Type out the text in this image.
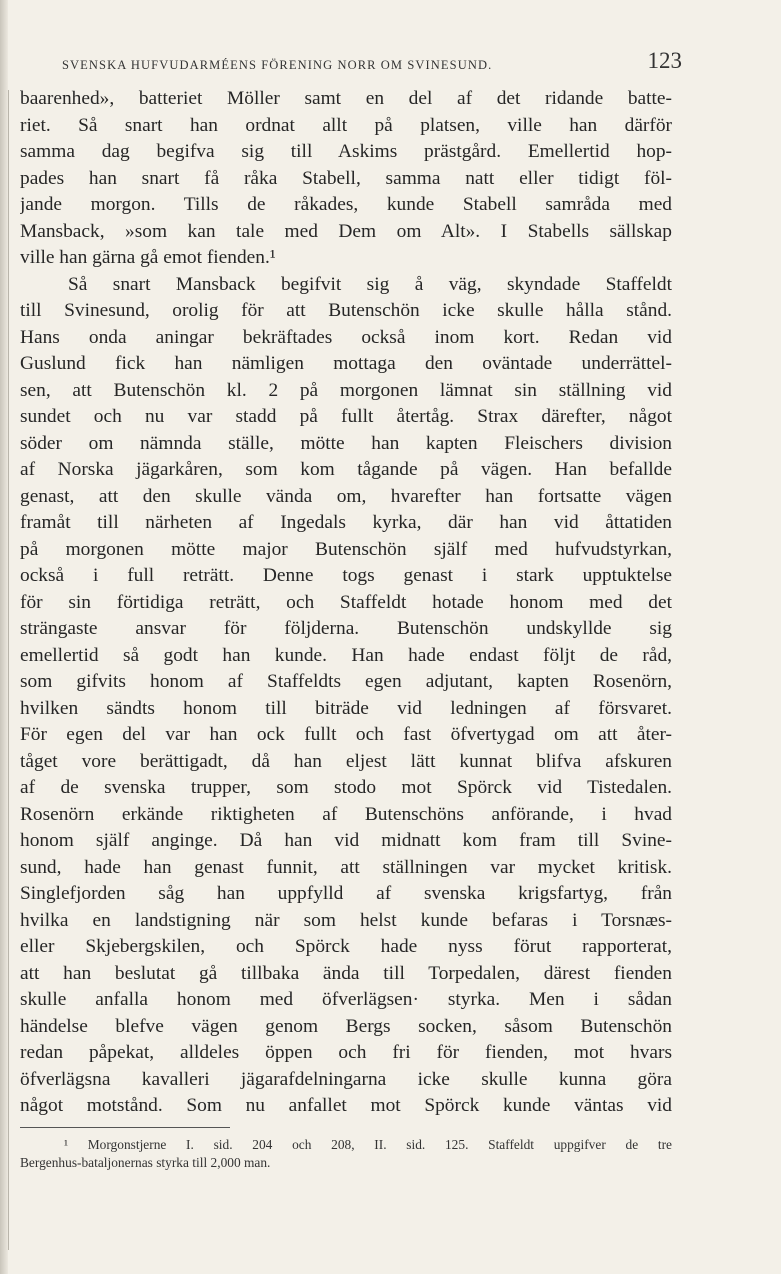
SVENSKA HUFVUDARMÉENS FÖRENING NORR OM SVINESUND.	123
baarenhed», batteriet Möller samt en del af det ridande batte-
riet. Så snart han ordnat allt på platsen, ville han därför
samma dag begifva sig till Askims prästgård. Emellertid hop-
pades han snart få råka Stabell, samma natt eller tidigt föl-
jande morgon. Tills de råkades, kunde Stabell samråda med
Mansback, »som kan tale med Dem om Alt». I Stabells sällskap
ville han gärna gå emot fienden.¹
Så snart Mansback begifvit sig å väg, skyndade Staffeldt
till Svinesund, orolig för att Butenschön icke skulle hålla stånd.
Hans onda aningar bekräftades också inom kort. Redan vid
Guslund fick han nämligen mottaga den oväntade underrättel-
sen, att Butenschön kl. 2 på morgonen lämnat sin ställning vid
sundet och nu var stadd på fullt återtåg. Strax därefter, något
söder om nämnda ställe, mötte han kapten Fleischers division
af Norska jägarkåren, som kom tågande på vägen. Han befallde
genast, att den skulle vända om, hvarefter han fortsatte vägen
framåt till närheten af Ingedals kyrka, där han vid åttatiden
på morgonen mötte major Butenschön själf med hufvudstyrkan,
också i full reträtt. Denne togs genast i stark upptuktelse
för sin förtidiga reträtt, och Staffeldt hotade honom med det
strängaste ansvar för följderna. Butenschön undskyllde sig
emellertid så godt han kunde. Han hade endast följt de råd,
som gifvits honom af Staffeldts egen adjutant, kapten Rosenörn,
hvilken sändts honom till biträde vid ledningen af försvaret.
För egen del var han ock fullt och fast öfvertygad om att åter-
tåget vore berättigadt, då han eljest lätt kunnat blifva afskuren
af de svenska trupper, som stodo mot Spörck vid Tistedalen.
Rosenörn erkände riktigheten af Butenschöns anförande, i hvad
honom själf anginge. Då han vid midnatt kom fram till Svine-
sund, hade han genast funnit, att ställningen var mycket kritisk.
Singlefjorden såg han uppfylld af svenska krigsfartyg, från
hvilka en landstigning när som helst kunde befaras i Torsnæs-
eller Skjebergskilen, och Spörck hade nyss förut rapporterat,
att han beslutat gå tillbaka ända till Torpedalen, därest fienden
skulle anfalla honom med öfverlägsen· styrka. Men i sådan
händelse blefve vägen genom Bergs socken, såsom Butenschön
redan påpekat, alldeles öppen och fri för fienden, mot hvars
öfverlägsna kavalleri jägarafdelningarna icke skulle kunna göra
något motstånd. Som nu anfallet mot Spörck kunde väntas vid
¹ Morgonstjerne I. sid. 204 och 208, II. sid. 125. Staffeldt uppgifver de tre
Bergenhus-bataljonernas styrka till 2,000 man.
